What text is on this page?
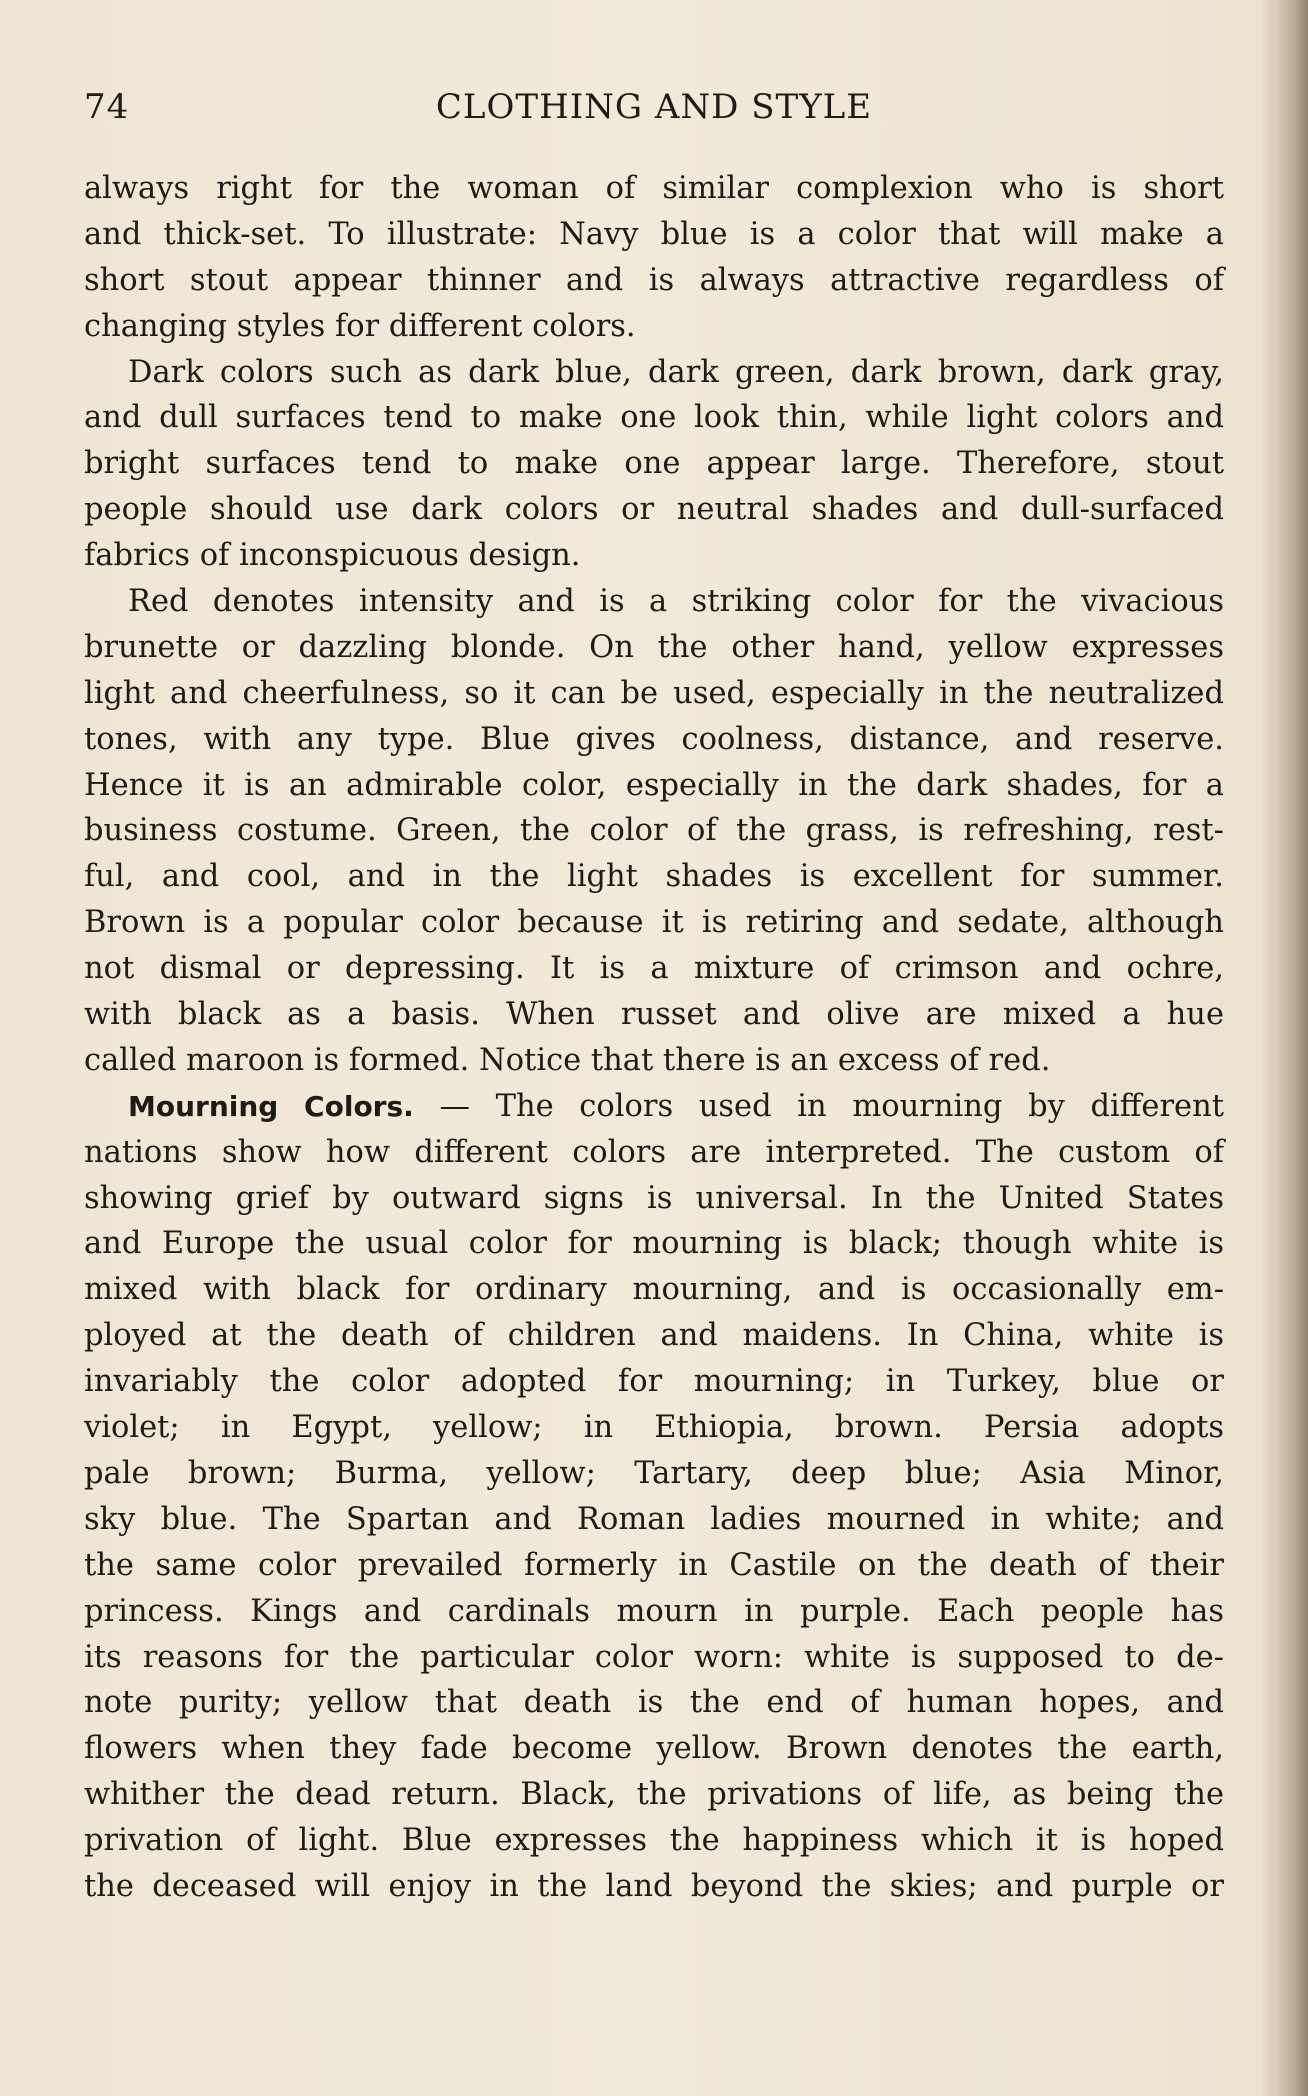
74	CLOTHING AND STYLE
always right for the woman of similar complexion who is short
and thick-set. To illustrate: Navy blue is a color that will make a
short stout appear thinner and is always attractive regardless of
changing styles for different colors.
Dark colors such as dark blue, dark green, dark brown, dark gray,
and dull surfaces tend to make one look thin, while light colors and
bright surfaces tend to make one appear large. Therefore, stout
people should use dark colors or neutral shades and dull-surfaced
fabrics of inconspicuous design.
Red denotes intensity and is a striking color for the vivacious
brunette or dazzling blonde. On the other hand, yellow expresses
light and cheerfulness, so it can be used, especially in the neutralized
tones, with any type. Blue gives coolness, distance, and reserve.
Hence it is an admirable color, especially in the dark shades, for a
business costume. Green, the color of the grass, is refreshing, rest-
ful, and cool, and in the light shades is excellent for summer.
Brown is a popular color because it is retiring and sedate, although
not dismal or depressing. It is a mixture of crimson and ochre,
with black as a basis. When russet and olive are mixed a hue
called maroon is formed. Notice that there is an excess of red.
Mourning Colors. — The colors used in mourning by different
nations show how different colors are interpreted. The custom of
showing grief by outward signs is universal. In the United States
and Europe the usual color for mourning is black; though white is
mixed with black for ordinary mourning, and is occasionally em-
ployed at the death of children and maidens. In China, white is
invariably the color adopted for mourning; in Turkey, blue or
violet; in Egypt, yellow; in Ethiopia, brown. Persia adopts
pale brown; Burma, yellow; Tartary, deep blue; Asia Minor,
sky blue. The Spartan and Roman ladies mourned in white; and
the same color prevailed formerly in Castile on the death of their
princess. Kings and cardinals mourn in purple. Each people has
its reasons for the particular color worn: white is supposed to de-
note purity; yellow that death is the end of human hopes, and
flowers when they fade become yellow. Brown denotes the earth,
whither the dead return. Black, the privations of life, as being the
privation of light. Blue expresses the happiness which it is hoped
the deceased will enjoy in the land beyond the skies; and purple or
